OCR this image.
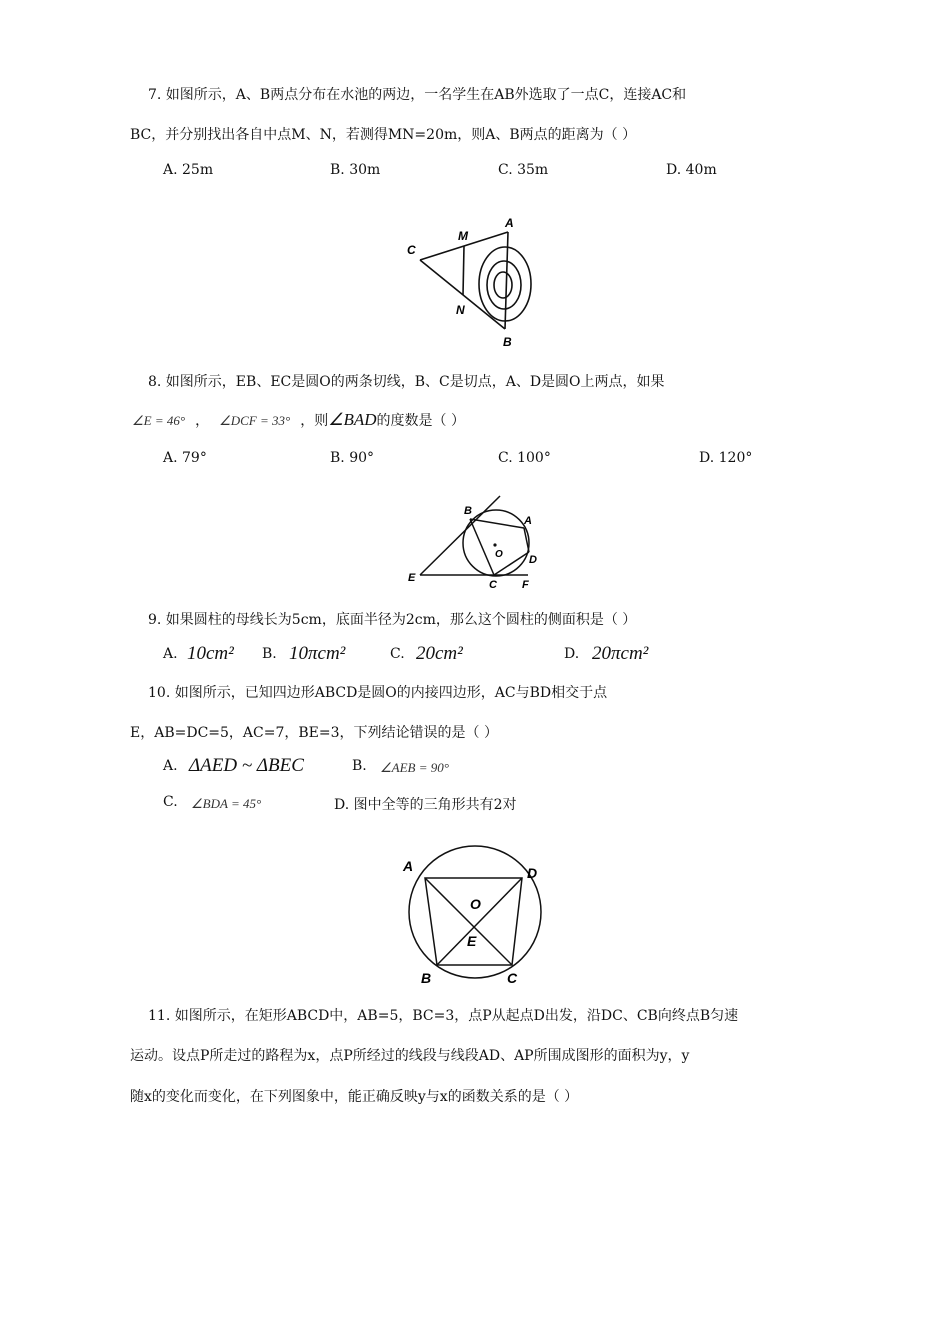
7. 如图所示，A、B两点分布在水池的两边，一名学生在AB外选取了一点C，连接AC和
BC，并分别找出各自中点M、N，若测得MN=20m，则A、B两点的距离为（ ）
A. 25m	B. 30m	C. 35m	D. 40m
A
B
C
M
N
8. 如图所示，EB、EC是圆O的两条切线，B、C是切点，A、D是圆O上两点，如果
∠E = 46° ， ∠DCF = 33° ，则∠BAD的度数是（ ）
A. 79°	B. 90°	C. 100°	D. 120°
B
A
O D
E
C F
9. 如果圆柱的母线长为5cm，底面半径为2cm，那么这个圆柱的侧面积是（ ）
A. 10cm² B. 10πcm²	C. 20cm²	D. 20πcm²
10. 如图所示，已知四边形ABCD是圆O的内接四边形，AC与BD相交于点
E，AB=DC=5，AC=7，BE=3，下列结论错误的是（ ）
A. ΔAED ~ ΔBEC	B. ∠AEB = 90°
C. ∠BDA = 45°	D. 图中全等的三角形共有2对
A	D
O
E
B	C
11. 如图所示，在矩形ABCD中，AB=5，BC=3，点P从起点D出发，沿DC、CB向终点B匀速
运动。设点P所走过的路程为x，点P所经过的线段与线段AD、AP所围成图形的面积为y，y
随x的变化而变化，在下列图象中，能正确反映y与x的函数关系的是（ ）
